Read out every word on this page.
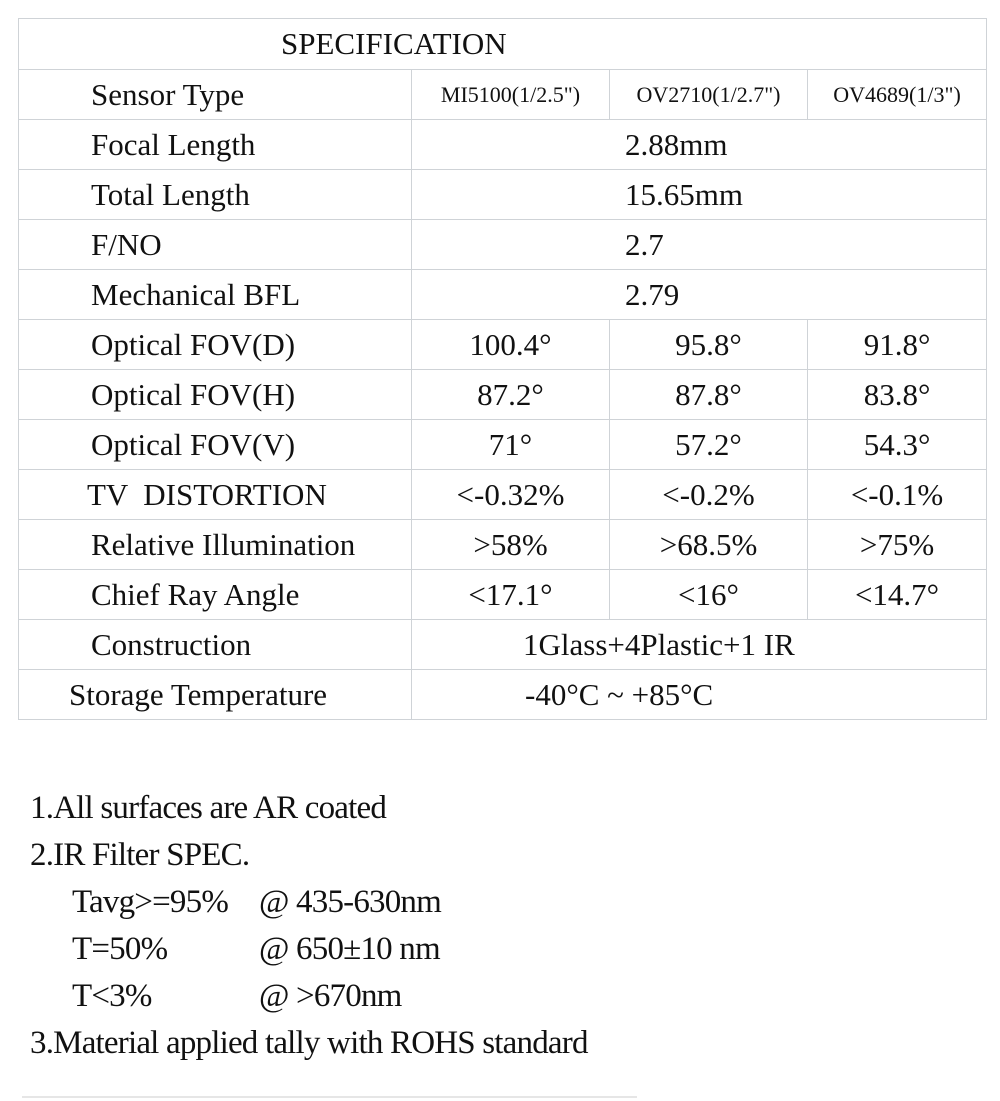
SPECIFICATION			
Sensor Type	MI5100(1/2.5")	OV2710(1/2.7")	OV4689(1/3")
Focal Length	2.88mm		
Total Length	15.65mm		
F/NO	2.7		
Mechanical BFL	2.79		
Optical FOV(D)	100.4°	95.8°	91.8°
Optical FOV(H)	87.2°	87.8°	83.8°
Optical FOV(V)	71°	57.2°	54.3°
TV  DISTORTION	<-0.32%	<-0.2%	<-0.1%
Relative Illumination	>58%	>68.5%	>75%
Chief Ray Angle	<17.1°	<16°	<14.7°
Construction	1Glass+4Plastic+1 IR		
Storage Temperature	-40°C ~ +85°C		
1.All surfaces are AR coated
2.IR Filter SPEC.
Tavg>=95% @ 435-630nm
T=50%	@ 650±10 nm
T<3%	@ >670nm
3.Material applied tally with ROHS standard
